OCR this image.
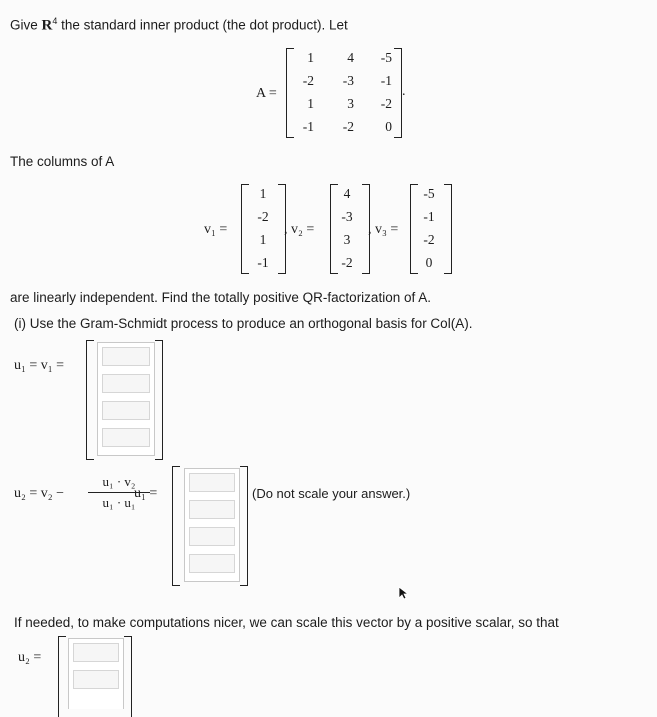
Give $R^4$ the standard inner product (the dot product). Let
A =	.
1	4	-5
-2	-3	-1
1	3	-2
-1	-2	0
The columns of A
v₁ =
1
-2
1
-1
, v₂ =
4
-3
3
-2
, v₃ =
-5
-1
-2
0
are linearly independent. Find the totally positive QR-factorization of A.
(i) Use the Gram-Schmidt process to produce an orthogonal basis for Col(A).
u₁ = v₁ =
u₂ = v₂ −
u₁ · v₂
u₁ · u₁
u₁ =	(Do not scale your answer.)
If needed, to make computations nicer, we can scale this vector by a positive scalar, so that
u₂ =
